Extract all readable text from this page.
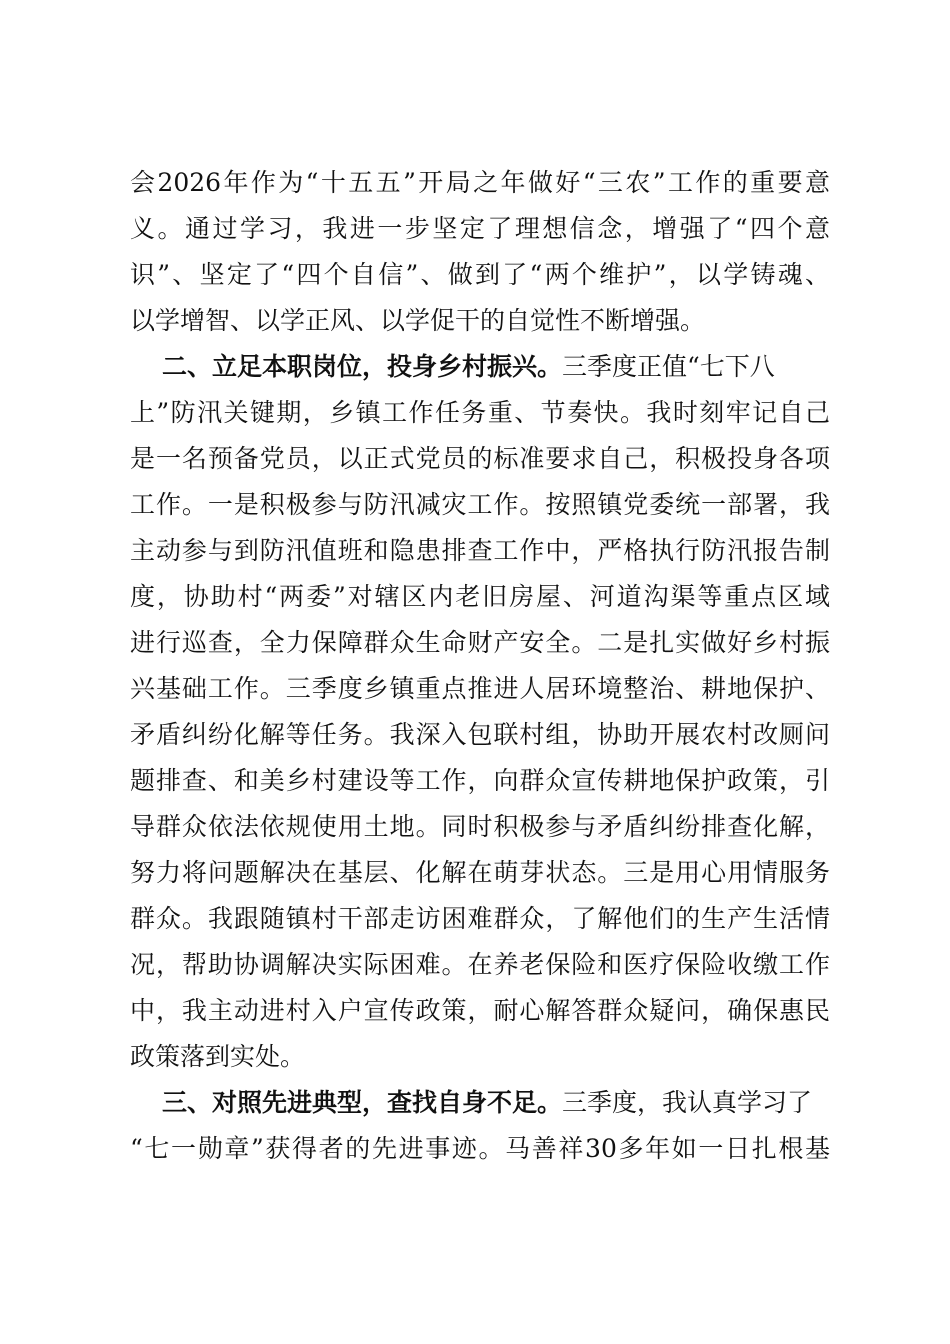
会2026年作为“十五五”开局之年做好“三农”工作的重要意
义。通过学习，我进一步坚定了理想信念，增强了“四个意
识”、坚定了“四个自信”、做到了“两个维护”，以学铸魂、
以学增智、以学正风、以学促干的自觉性不断增强。
二、立足本职岗位，投身乡村振兴。三季度正值“七下八
上”防汛关键期，乡镇工作任务重、节奏快。我时刻牢记自己
是一名预备党员，以正式党员的标准要求自己，积极投身各项
工作。一是积极参与防汛减灾工作。按照镇党委统一部署，我
主动参与到防汛值班和隐患排查工作中，严格执行防汛报告制
度，协助村“两委”对辖区内老旧房屋、河道沟渠等重点区域
进行巡查，全力保障群众生命财产安全。二是扎实做好乡村振
兴基础工作。三季度乡镇重点推进人居环境整治、耕地保护、
矛盾纠纷化解等任务。我深入包联村组，协助开展农村改厕问
题排查、和美乡村建设等工作，向群众宣传耕地保护政策，引
导群众依法依规使用土地。同时积极参与矛盾纠纷排查化解，
努力将问题解决在基层、化解在萌芽状态。三是用心用情服务
群众。我跟随镇村干部走访困难群众，了解他们的生产生活情
况，帮助协调解决实际困难。在养老保险和医疗保险收缴工作
中，我主动进村入户宣传政策，耐心解答群众疑问，确保惠民
政策落到实处。
三、对照先进典型，查找自身不足。三季度，我认真学习了
“七一勋章”获得者的先进事迹。马善祥30多年如一日扎根基
